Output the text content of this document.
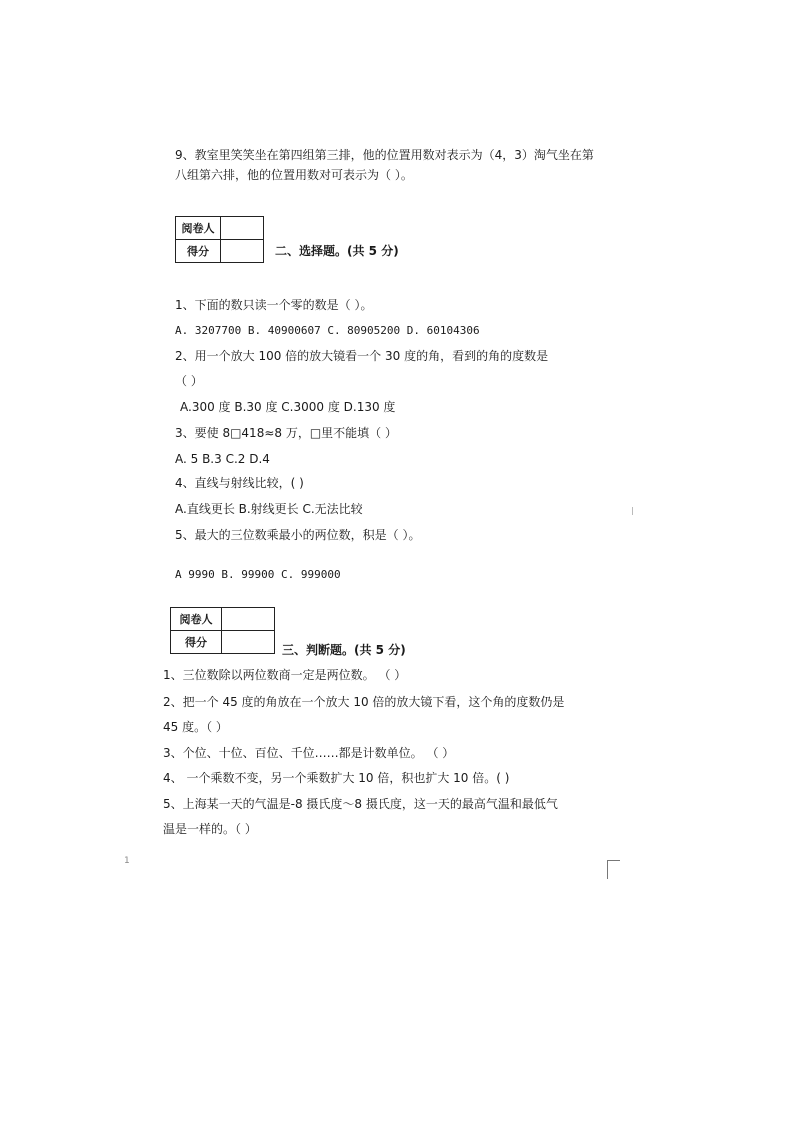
9、教室里笑笑坐在第四组第三排，他的位置用数对表示为（4，3）淘气坐在第
八组第六排，他的位置用数对可表示为（ ）。
阅卷人	
得分		二、选择题。(共 5 分)
1、下面的数只读一个零的数是（ ）。
A. 3207700 B. 40900607 C. 80905200 D. 60104306
2、用一个放大 100 倍的放大镜看一个 30 度的角，看到的角的度数是
（ ）
A.300 度 B.30 度 C.3000 度 D.130 度
3、要使 8□418≈8 万，□里不能填（ ）
A. 5 B.3 C.2 D.4
4、直线与射线比较，( )
A.直线更长 B.射线更长 C.无法比较
5、最大的三位数乘最小的两位数，积是（ ）。
A 9990 B. 99900 C. 999000
阅卷人	
得分	
三、判断题。(共 5 分)
1、三位数除以两位数商一定是两位数。 （ ）
2、把一个 45 度的角放在一个放大 10 倍的放大镜下看，这个角的度数仍是
45 度。（ ）
3、个位、十位、百位、千位……都是计数单位。 （ ）
4、 一个乘数不变，另一个乘数扩大 10 倍，积也扩大 10 倍。( )
5、上海某一天的气温是-8 摄氏度～8 摄氏度，这一天的最高气温和最低气
温是一样的。（ ）
1
